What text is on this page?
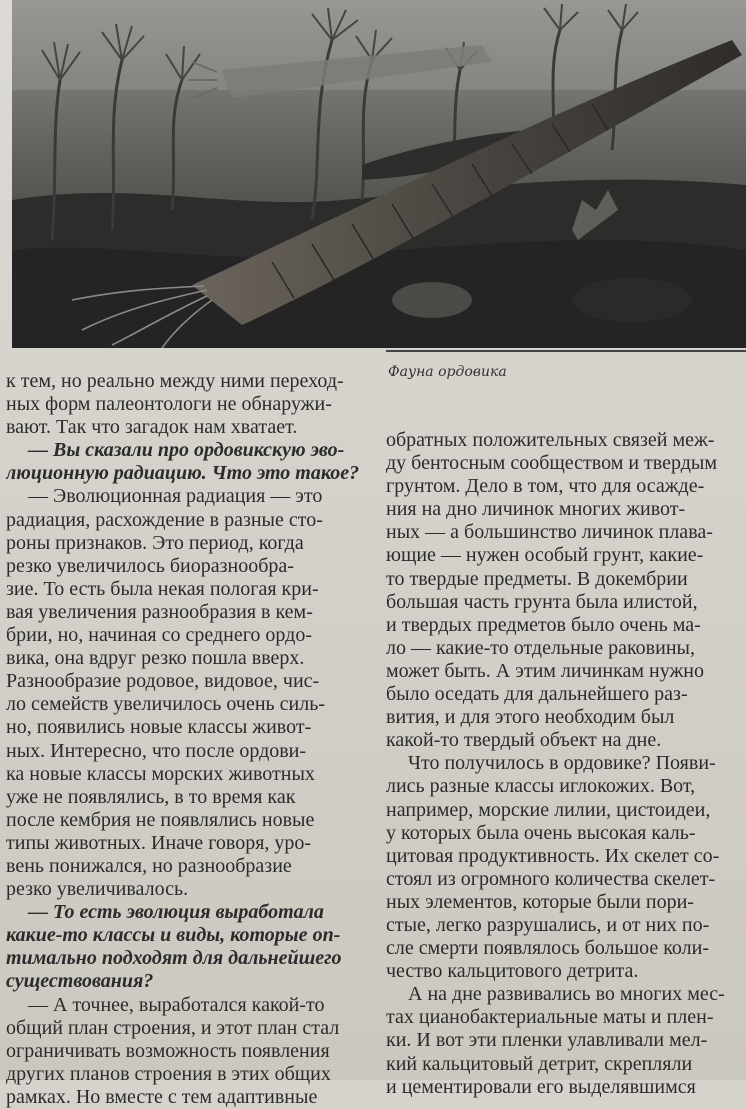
Фауна ордовика
к тем, но реально между ними переход-
ных форм палеонтологи не обнаружи-
вают. Так что загадок нам хватает.
— Вы сказали про ордовикскую эво-
люционную радиацию. Что это такое?
— Эволюционная радиация — это
радиация, расхождение в разные сто-
роны признаков. Это период, когда
резко увеличилось биоразнообра-
зие. То есть была некая пологая кри-
вая увеличения разнообразия в кем-
брии, но, начиная со среднего ордо-
вика, она вдруг резко пошла вверх.
Разнообразие родовое, видовое, чис-
ло семейств увеличилось очень силь-
но, появились новые классы живот-
ных. Интересно, что после ордови-
ка новые классы морских животных
уже не появлялись, в то время как
после кембрия не появлялись новые
типы животных. Иначе говоря, уро-
вень понижался, но разнообразие
резко увеличивалось.
— То есть эволюция выработала
какие-то классы и виды, которые оп-
тимально подходят для дальнейшего
существования?
— А точнее, выработался какой-то
общий план строения, и этот план стал
ограничивать возможность появления
других планов строения в этих общих
рамках. Но вместе с тем адаптивные
обратных положительных связей меж-
ду бентосным сообществом и твердым
грунтом. Дело в том, что для осажде-
ния на дно личинок многих живот-
ных — а большинство личинок плава-
ющие — нужен особый грунт, какие-
то твердые предметы. В докембрии
большая часть грунта была илистой,
и твердых предметов было очень ма-
ло — какие-то отдельные раковины,
может быть. А этим личинкам нужно
было оседать для дальнейшего раз-
вития, и для этого необходим был
какой-то твердый объект на дне.
Что получилось в ордовике? Появи-
лись разные классы иглокожих. Вот,
например, морские лилии, цистоидеи,
у которых была очень высокая каль-
цитовая продуктивность. Их скелет со-
стоял из огромного количества скелет-
ных элементов, которые были пори-
стые, легко разрушались, и от них по-
сле смерти появлялось большое коли-
чество кальцитового детрита.
А на дне развивались во многих мес-
тах цианобактериальные маты и плен-
ки. И вот эти пленки улавливали мел-
кий кальцитовый детрит, скрепляли
и цементировали его выделявшимся
